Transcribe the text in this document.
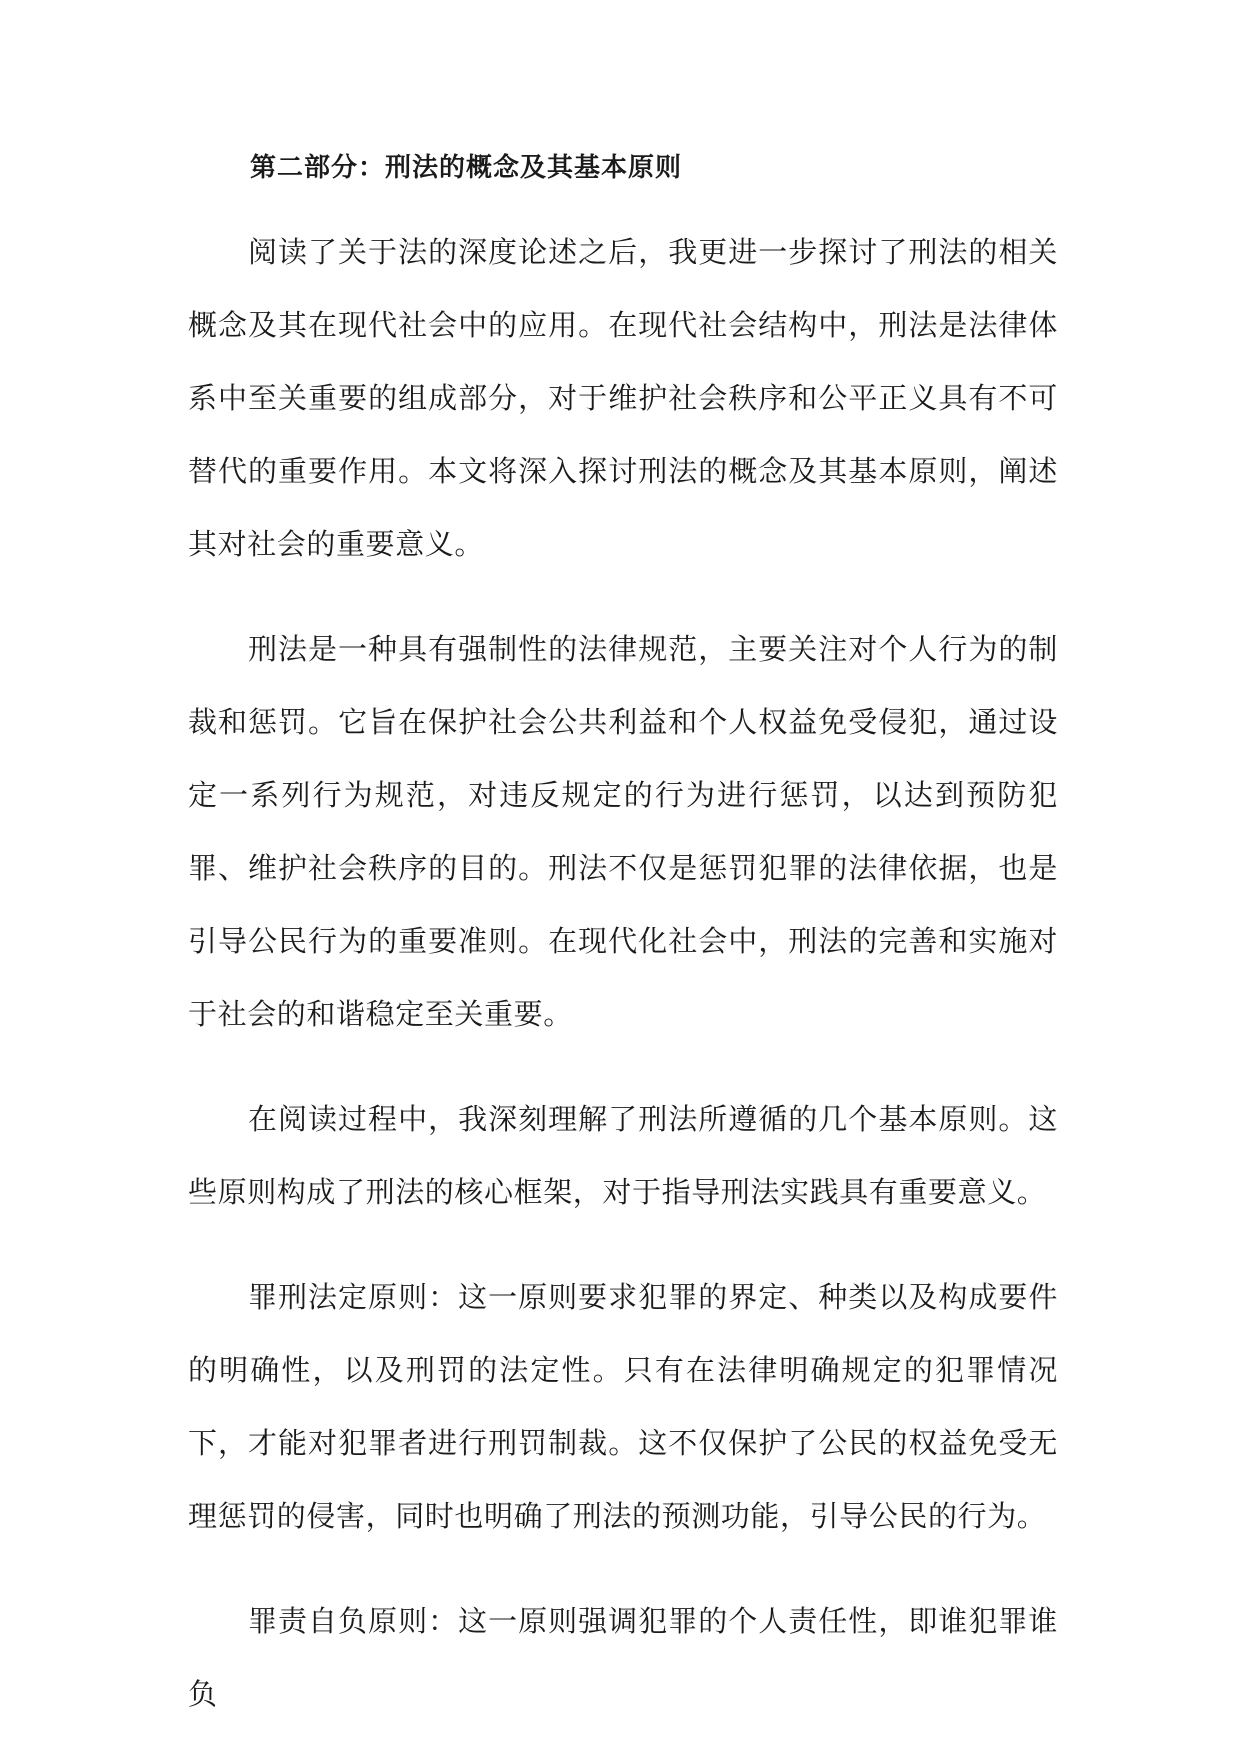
第二部分：刑法的概念及其基本原则

阅读了关于法的深度论述之后，我更进一步探讨了刑法的相关概念及其在现代社会中的应用。在现代社会结构中，刑法是法律体系中至关重要的组成部分，对于维护社会秩序和公平正义具有不可替代的重要作用。本文将深入探讨刑法的概念及其基本原则，阐述其对社会的重要意义。

刑法是一种具有强制性的法律规范，主要关注对个人行为的制裁和惩罚。它旨在保护社会公共利益和个人权益免受侵犯，通过设定一系列行为规范，对违反规定的行为进行惩罚，以达到预防犯罪、维护社会秩序的目的。刑法不仅是惩罚犯罪的法律依据，也是引导公民行为的重要准则。在现代化社会中，刑法的完善和实施对于社会的和谐稳定至关重要。

在阅读过程中，我深刻理解了刑法所遵循的几个基本原则。这些原则构成了刑法的核心框架，对于指导刑法实践具有重要意义。

罪刑法定原则：这一原则要求犯罪的界定、种类以及构成要件的明确性，以及刑罚的法定性。只有在法律明确规定的犯罪情况下，才能对犯罪者进行刑罚制裁。这不仅保护了公民的权益免受无理惩罚的侵害，同时也明确了刑法的预测功能，引导公民的行为。

罪责自负原则：这一原则强调犯罪的个人责任性，即谁犯罪谁负
